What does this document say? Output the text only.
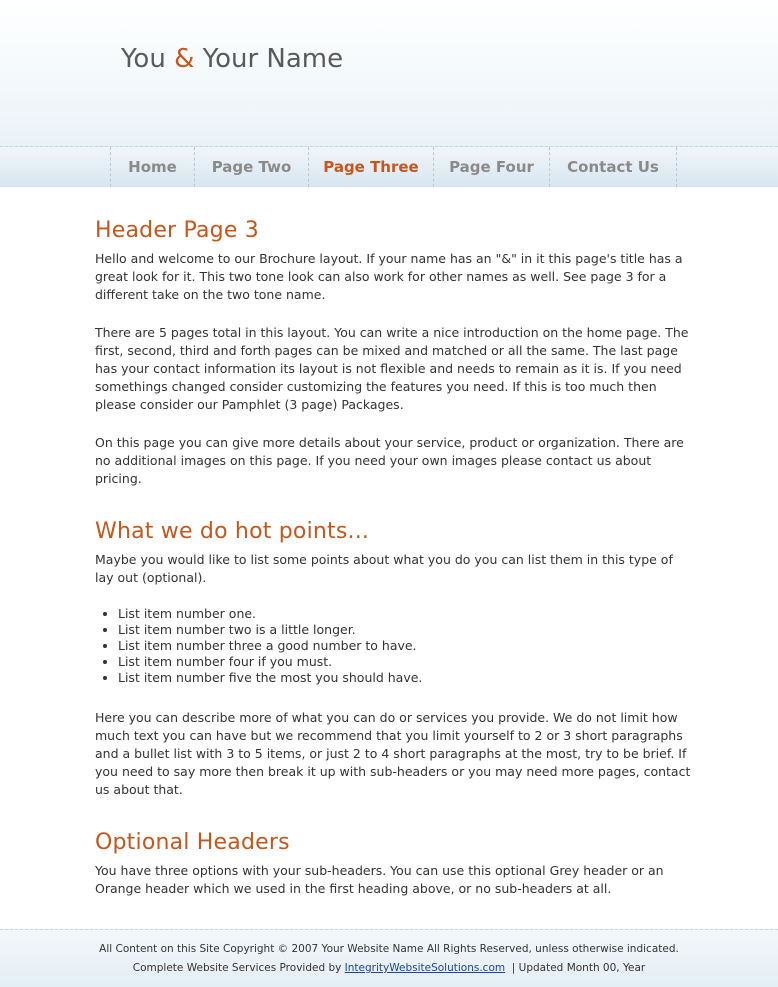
You & Your Name
Home	Page Two	Page Three	Page Four	Contact Us
Header Page 3

Hello and welcome to our Brochure layout. If your name has an "&" in it this page's title has a great look for it. This two tone look can also work for other names as well. See page 3 for a different take on the two tone name.

There are 5 pages total in this layout. You can write a nice introduction on the home page. The first, second, third and forth pages can be mixed and matched or all the same. The last page has your contact information its layout is not flexible and needs to remain as it is. If you need somethings changed consider customizing the features you need. If this is too much then please consider our Pamphlet (3 page) Packages.

On this page you can give more details about your service, product or organization. There are no additional images on this page. If you need your own images please contact us about pricing.

What we do hot points...

Maybe you would like to list some points about what you do you can list them in this type of lay out (optional).

• List item number one.
• List item number two is a little longer.
• List item number three a good number to have.
• List item number four if you must.
• List item number five the most you should have.

Here you can describe more of what you can do or services you provide. We do not limit how much text you can have but we recommend that you limit yourself to 2 or 3 short paragraphs and a bullet list with 3 to 5 items, or just 2 to 4 short paragraphs at the most, try to be brief. If you need to say more then break it up with sub-headers or you may need more pages, contact us about that.

Optional Headers

You have three options with your sub-headers. You can use this optional Grey header or an Orange header which we used in the first heading above, or no sub-headers at all.

All Content on this Site Copyright © 2007 Your Website Name All Rights Reserved, unless otherwise indicated.
Complete Website Services Provided by IntegrityWebsiteSolutions.com  | Updated Month 00, Year
